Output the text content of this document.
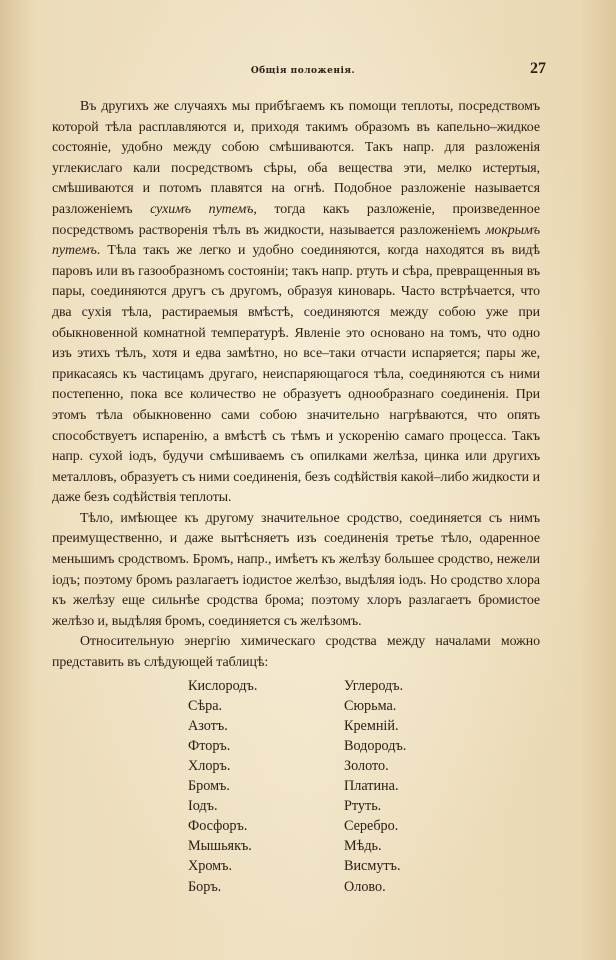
Общія положенія.	27

Въ другихъ же случаяхъ мы прибѣгаемъ къ помощи теплоты, посредствомъ которой тѣла расплавляются и, приходя такимъ образомъ въ капельно–жидкое состояніе, удобно между собою смѣшиваются. Такъ напр. для разложенія углекислаго кали посредствомъ сѣры, оба вещества эти, мелко истертыя, смѣшиваются и потомъ плавятся на огнѣ. Подобное разложеніе называется разложеніемъ сухимъ путемъ, тогда какъ разложеніе, произведенное посредствомъ растворенія тѣлъ въ жидкости, называется разложеніемъ мокрымъ путемъ. Тѣла такъ же легко и удобно соединяются, когда находятся въ видѣ паровъ или въ газообразномъ состояніи; такъ напр. ртуть и сѣра, превращенныя въ пары, соединяются другъ съ другомъ, образуя киноварь. Часто встрѣчается, что два сухія тѣла, растираемыя вмѣстѣ, соединяются между собою уже при обыкновенной комнатной температурѣ. Явленіе это основано на томъ, что одно изъ этихъ тѣлъ, хотя и едва замѣтно, но все–таки отчасти испаряется; пары же, прикасаясь къ частицамъ другаго, неиспаряющагося тѣла, соединяются съ ними постепенно, пока все количество не образуетъ однообразнаго соединенія. При этомъ тѣла обыкновенно сами собою значительно нагрѣваются, что опять способствуетъ испаренію, а вмѣстѣ съ тѣмъ и ускоренію самаго процесса. Такъ напр. сухой іодъ, будучи смѣшиваемъ съ опилками желѣза, цинка или другихъ металловъ, образуетъ съ ними соединенія, безъ содѣйствія какой–либо жидкости и даже безъ содѣйствія теплоты.

Тѣло, имѣющее къ другому значительное сродство, соединяется съ нимъ преимущественно, и даже вытѣсняетъ изъ соединенія третье тѣло, одаренное меньшимъ сродствомъ. Бромъ, напр., имѣетъ къ желѣзу большее сродство, нежели іодъ; поэтому бромъ разлагаетъ іодистое желѣзо, выдѣляя іодъ. Но сродство хлора къ желѣзу еще сильнѣе сродства брома; поэтому хлоръ разлагаетъ бромистое желѣзо и, выдѣляя бромъ, соединяется съ желѣзомъ.

Относительную энергію химическаго сродства между началами можно представить въ слѣдующей таблицѣ:

Кислородъ.
Сѣра.
Азотъ.
Фторъ.
Хлоръ.
Бромъ.
Іодъ.
Фосфоръ.
Мышьякъ.
Хромъ.
Боръ.
Углеродъ.
Сюрьма.
Кремній.
Водородъ.
Золото.
Платина.
Ртуть.
Серебро.
Мѣдь.
Висмутъ.
Олово.
